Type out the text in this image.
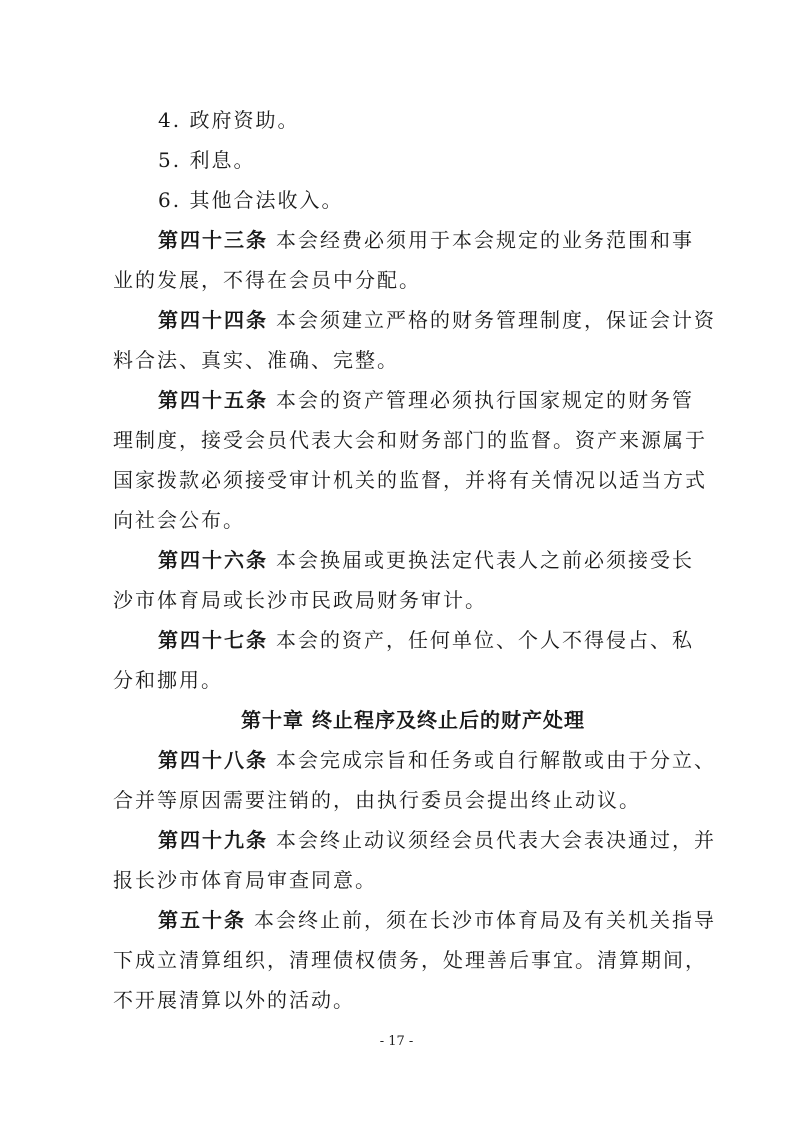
4. 政府资助。
5. 利息。
6. 其他合法收入。
第四十三条 本会经费必须用于本会规定的业务范围和事
业的发展，不得在会员中分配。
第四十四条 本会须建立严格的财务管理制度，保证会计资
料合法、真实、准确、完整。
第四十五条 本会的资产管理必须执行国家规定的财务管
理制度，接受会员代表大会和财务部门的监督。资产来源属于
国家拨款必须接受审计机关的监督，并将有关情况以适当方式
向社会公布。
第四十六条 本会换届或更换法定代表人之前必须接受长
沙市体育局或长沙市民政局财务审计。
第四十七条 本会的资产，任何单位、个人不得侵占、私
分和挪用。
第十章 终止程序及终止后的财产处理
第四十八条 本会完成宗旨和任务或自行解散或由于分立、
合并等原因需要注销的，由执行委员会提出终止动议。
第四十九条 本会终止动议须经会员代表大会表决通过，并
报长沙市体育局审查同意。
第五十条 本会终止前，须在长沙市体育局及有关机关指导
下成立清算组织，清理债权债务，处理善后事宜。清算期间，
不开展清算以外的活动。
- 17 -
